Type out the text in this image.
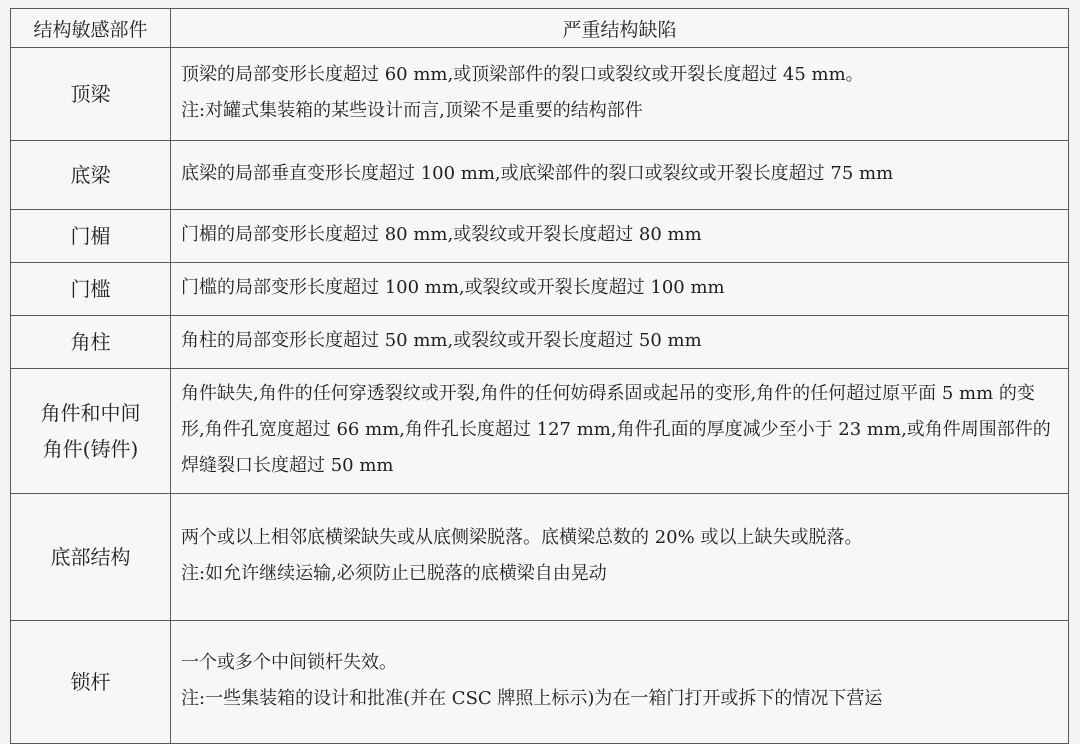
结构敏感部件	严重结构缺陷

顶梁	顶梁的局部变形长度超过 60 mm,或顶梁部件的裂口或裂纹或开裂长度超过 45 mm。
注:对罐式集装箱的某些设计而言,顶梁不是重要的结构部件

底梁	底梁的局部垂直变形长度超过 100 mm,或底梁部件的裂口或裂纹或开裂长度超过 75 mm

门楣	门楣的局部变形长度超过 80 mm,或裂纹或开裂长度超过 80 mm

门槛	门槛的局部变形长度超过 100 mm,或裂纹或开裂长度超过 100 mm

角柱	角柱的局部变形长度超过 50 mm,或裂纹或开裂长度超过 50 mm

角件和中间
角件(铸件)	角件缺失,角件的任何穿透裂纹或开裂,角件的任何妨碍系固或起吊的变形,角件的任何超过原平面 5 mm 的变形,角件孔宽度超过 66 mm,角件孔长度超过 127 mm,角件孔面的厚度减少至小于 23 mm,或角件周围部件的焊缝裂口长度超过 50 mm

底部结构	两个或以上相邻底横梁缺失或从底侧梁脱落。底横梁总数的 20% 或以上缺失或脱落。
注:如允许继续运输,必须防止已脱落的底横梁自由晃动

锁杆	一个或多个中间锁杆失效。
注:一些集装箱的设计和批准(并在 CSC 牌照上标示)为在一箱门打开或拆下的情况下营运
